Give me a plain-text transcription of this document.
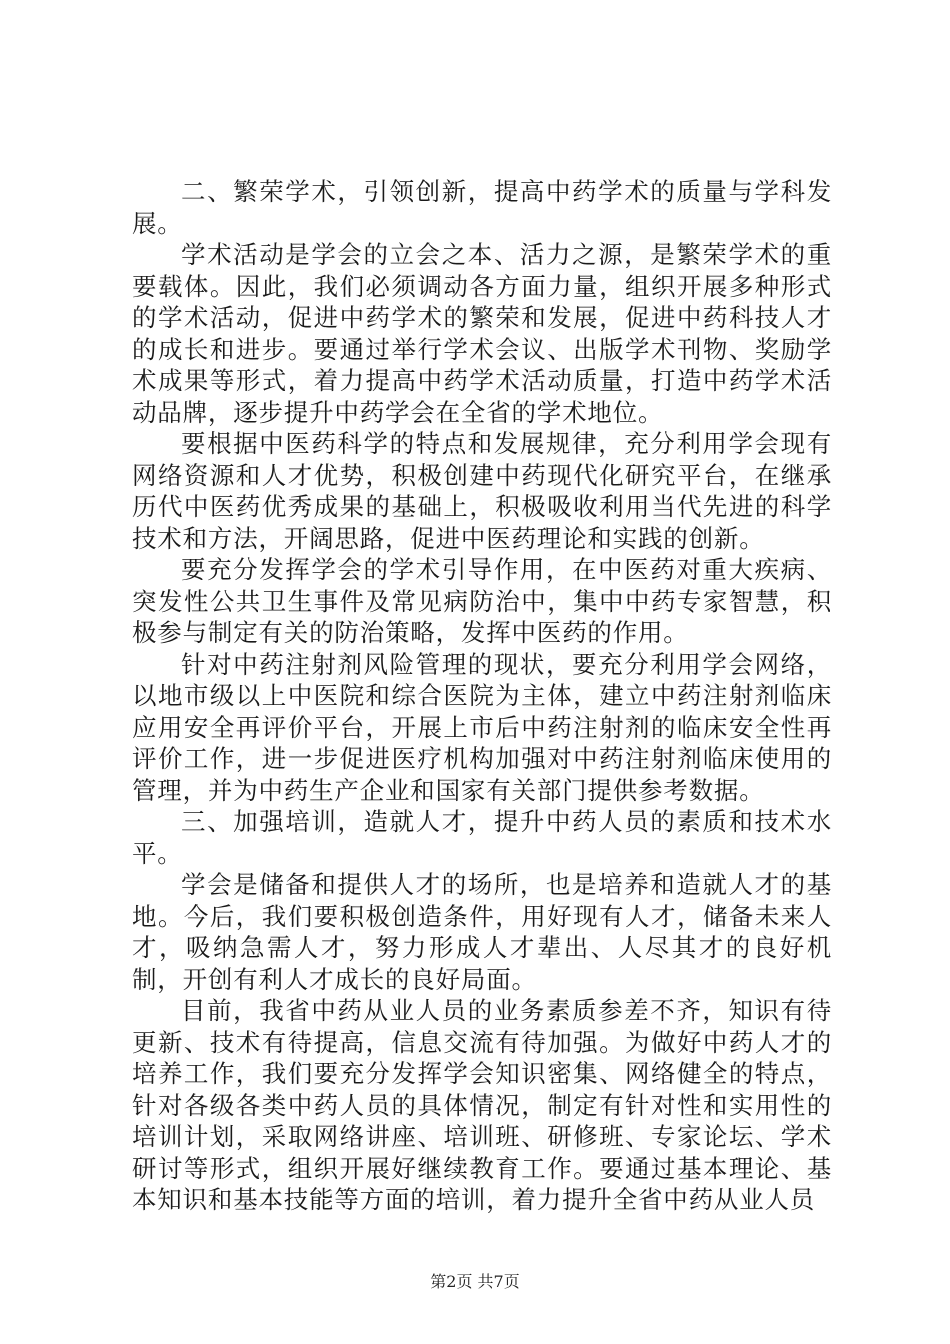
二、繁荣学术，引领创新，提高中药学术的质量与学科发展。

学术活动是学会的立会之本、活力之源，是繁荣学术的重要载体。因此，我们必须调动各方面力量，组织开展多种形式的学术活动，促进中药学术的繁荣和发展，促进中药科技人才的成长和进步。要通过举行学术会议、出版学术刊物、奖励学术成果等形式，着力提高中药学术活动质量，打造中药学术活动品牌，逐步提升中药学会在全省的学术地位。

要根据中医药科学的特点和发展规律，充分利用学会现有网络资源和人才优势，积极创建中药现代化研究平台，在继承历代中医药优秀成果的基础上，积极吸收利用当代先进的科学技术和方法，开阔思路，促进中医药理论和实践的创新。

要充分发挥学会的学术引导作用，在中医药对重大疾病、突发性公共卫生事件及常见病防治中，集中中药专家智慧，积极参与制定有关的防治策略，发挥中医药的作用。

针对中药注射剂风险管理的现状，要充分利用学会网络，以地市级以上中医院和综合医院为主体，建立中药注射剂临床应用安全再评价平台，开展上市后中药注射剂的临床安全性再评价工作，进一步促进医疗机构加强对中药注射剂临床使用的管理，并为中药生产企业和国家有关部门提供参考数据。

三、加强培训，造就人才，提升中药人员的素质和技术水平。

学会是储备和提供人才的场所，也是培养和造就人才的基地。今后，我们要积极创造条件，用好现有人才，储备未来人才，吸纳急需人才，努力形成人才辈出、人尽其才的良好机制，开创有利人才成长的良好局面。

目前，我省中药从业人员的业务素质参差不齐，知识有待更新、技术有待提高，信息交流有待加强。为做好中药人才的培养工作，我们要充分发挥学会知识密集、网络健全的特点，针对各级各类中药人员的具体情况，制定有针对性和实用性的培训计划，采取网络讲座、培训班、研修班、专家论坛、学术研讨等形式，组织开展好继续教育工作。要通过基本理论、基本知识和基本技能等方面的培训，着力提升全省中药从业人员

第2页 共7页
